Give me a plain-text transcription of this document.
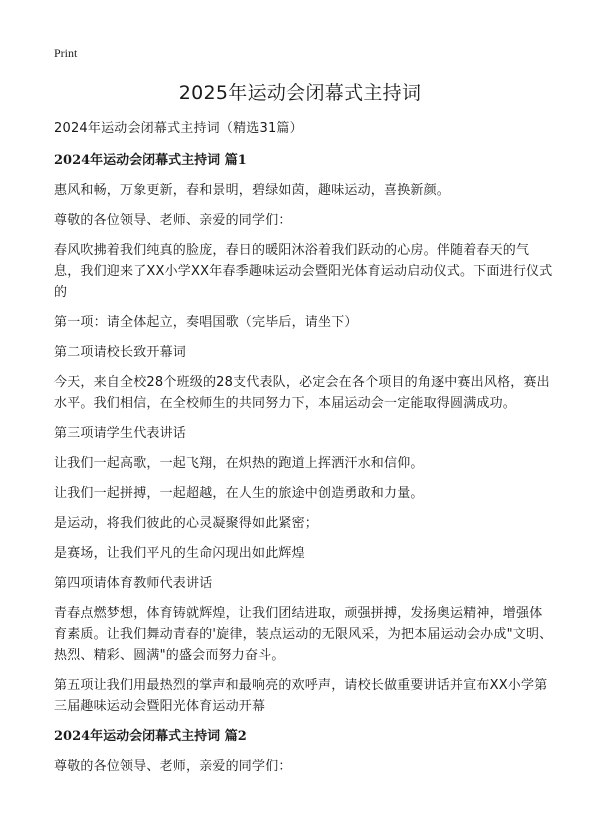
Print
2025年运动会闭幕式主持词

2024年运动会闭幕式主持词（精选31篇）

2024年运动会闭幕式主持词 篇1

惠风和畅，万象更新，春和景明，碧绿如茵，趣味运动，喜换新颜。

尊敬的各位领导、老师、亲爱的同学们：

春风吹拂着我们纯真的脸庞，春日的暖阳沐浴着我们跃动的心房。伴随着春天的气息，我们迎来了XX小学XX年春季趣味运动会暨阳光体育运动启动仪式。下面进行仪式的

第一项：请全体起立，奏唱国歌（完毕后，请坐下）

第二项请校长致开幕词

今天，来自全校28个班级的28支代表队，必定会在各个项目的角逐中赛出风格，赛出水平。我们相信，在全校师生的共同努力下，本届运动会一定能取得圆满成功。

第三项请学生代表讲话

让我们一起高歌，一起飞翔，在炽热的跑道上挥洒汗水和信仰。

让我们一起拼搏，一起超越，在人生的旅途中创造勇敢和力量。

是运动，将我们彼此的心灵凝聚得如此紧密；

是赛场，让我们平凡的生命闪现出如此辉煌

第四项请体育教师代表讲话

青春点燃梦想，体育铸就辉煌，让我们团结进取，顽强拼搏，发扬奥运精神，增强体育素质。让我们舞动青春的'旋律，装点运动的无限风采，为把本届运动会办成"文明、热烈、精彩、圆满"的盛会而努力奋斗。

第五项让我们用最热烈的掌声和最响亮的欢呼声，请校长做重要讲话并宣布XX小学第三届趣味运动会暨阳光体育运动开幕

2024年运动会闭幕式主持词 篇2

尊敬的各位领导、老师，亲爱的同学们：
